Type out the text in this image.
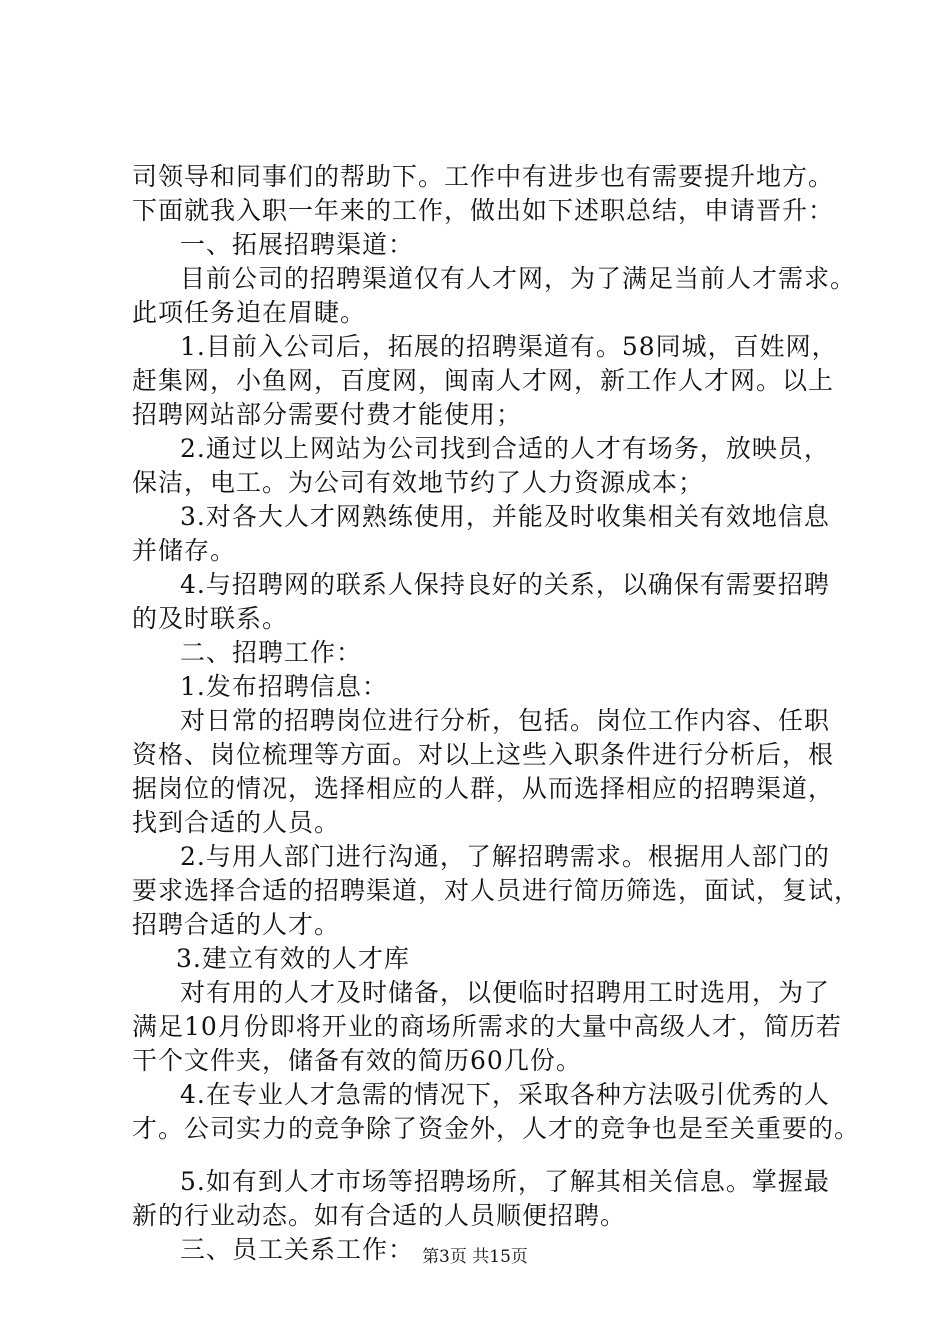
司领导和同事们的帮助下。工作中有进步也有需要提升地方。
下面就我入职一年来的工作，做出如下述职总结，申请晋升：
一、拓展招聘渠道：
目前公司的招聘渠道仅有人才网，为了满足当前人才需求。
此项任务迫在眉睫。
1.目前入公司后，拓展的招聘渠道有。58同城，百姓网，
赶集网，小鱼网，百度网，闽南人才网，新工作人才网。以上
招聘网站部分需要付费才能使用；
2.通过以上网站为公司找到合适的人才有场务，放映员，
保洁，电工。为公司有效地节约了人力资源成本；
3.对各大人才网熟练使用，并能及时收集相关有效地信息
并储存。
4.与招聘网的联系人保持良好的关系，以确保有需要招聘
的及时联系。
二、招聘工作：
1.发布招聘信息：
对日常的招聘岗位进行分析，包括。岗位工作内容、任职
资格、岗位梳理等方面。对以上这些入职条件进行分析后，根
据岗位的情况，选择相应的人群，从而选择相应的招聘渠道，
找到合适的人员。
2.与用人部门进行沟通，了解招聘需求。根据用人部门的
要求选择合适的招聘渠道，对人员进行简历筛选，面试，复试，
招聘合适的人才。
3.建立有效的人才库
对有用的人才及时储备，以便临时招聘用工时选用，为了
满足10月份即将开业的商场所需求的大量中高级人才，简历若
干个文件夹，储备有效的简历60几份。
4.在专业人才急需的情况下，采取各种方法吸引优秀的人
才。公司实力的竞争除了资金外，人才的竞争也是至关重要的。
5.如有到人才市场等招聘场所，了解其相关信息。掌握最
新的行业动态。如有合适的人员顺便招聘。
三、员工关系工作： 第3页 共15页
